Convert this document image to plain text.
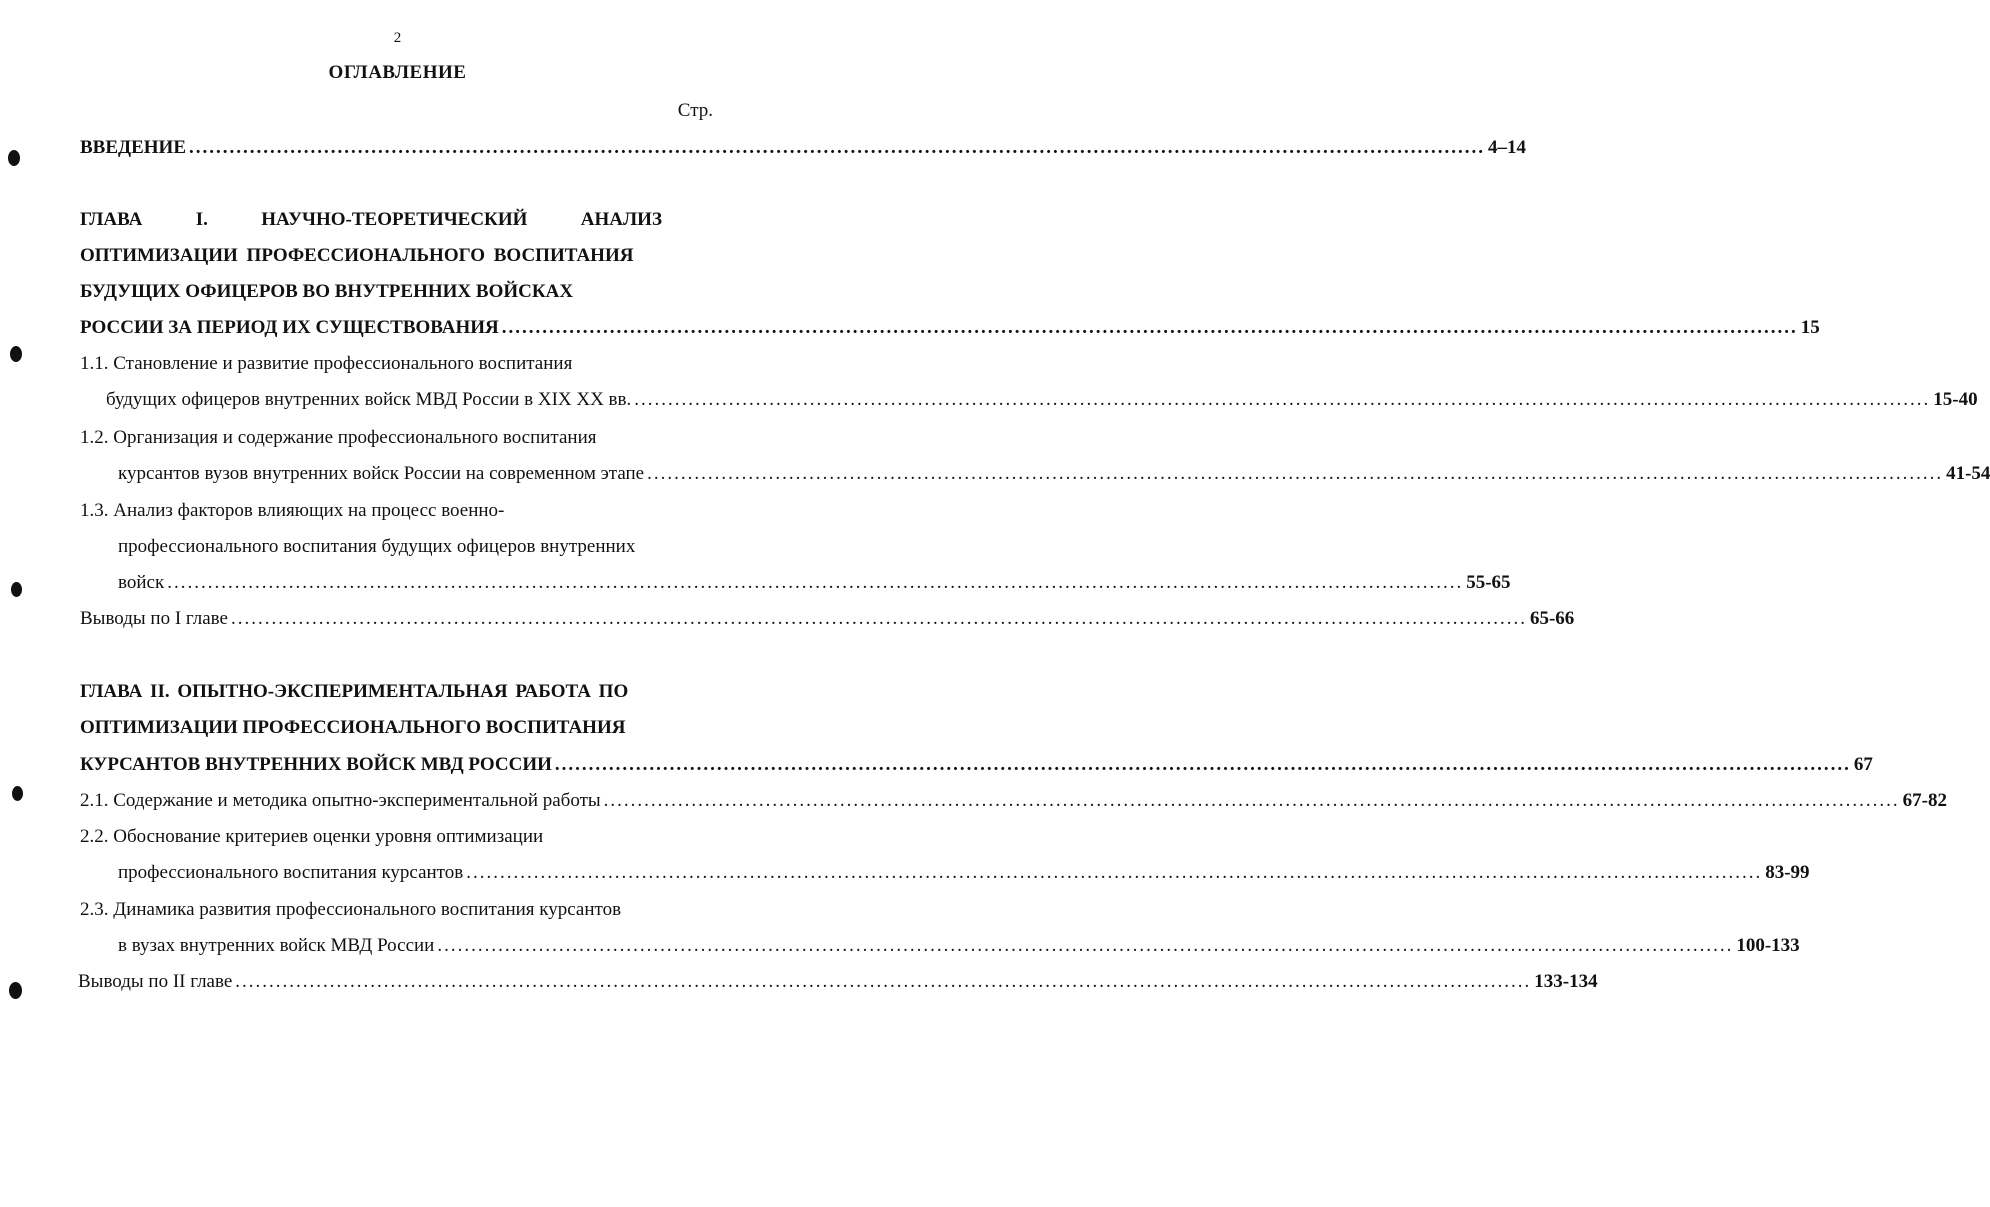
2
ОГЛАВЛЕНИЕ
Стр.
ВВЕДЕНИЕ ................................................................................................................................................................................................ 4–14
ГЛАВА	I.	НАУЧНО-ТЕОРЕТИЧЕСКИЙ	АНАЛИЗ
ОПТИМИЗАЦИИ ПРОФЕССИОНАЛЬНОГО ВОСПИТАНИЯ
БУДУЩИХ ОФИЦЕРОВ ВО ВНУТРЕННИХ ВОЙСКАХ
РОССИИ ЗА ПЕРИОД ИХ СУЩЕСТВОВАНИЯ ................................................................................................................................................................................................ 15
1.1. Становление и развитие профессионального воспитания
будущих офицеров внутренних войск МВД России в XIX XX вв. ................................................................................................................................................................................................ 15-40
1.2. Организация и содержание профессионального воспитания
курсантов вузов внутренних войск России на современном этапе ................................................................................................................................................................................................ 41-54
1.3. Анализ факторов влияющих на процесс военно-
профессионального воспитания будущих офицеров внутренних
войск ................................................................................................................................................................................................ 55-65
Выводы по I главе ................................................................................................................................................................................................ 65-66
ГЛАВА II. ОПЫТНО-ЭКСПЕРИМЕНТАЛЬНАЯ РАБОТА ПО
ОПТИМИЗАЦИИ ПРОФЕССИОНАЛЬНОГО ВОСПИТАНИЯ
КУРСАНТОВ ВНУТРЕННИХ ВОЙСК МВД РОССИИ ................................................................................................................................................................................................ 67
2.1. Содержание и методика опытно-экспериментальной работы ................................................................................................................................................................................................ 67-82
2.2. Обоснование критериев оценки уровня оптимизации
профессионального воспитания курсантов ................................................................................................................................................................................................ 83-99
2.3. Динамика развития профессионального воспитания курсантов
в вузах внутренних войск МВД России ................................................................................................................................................................................................ 100-133
Выводы по II главе ................................................................................................................................................................................................ 133-134
